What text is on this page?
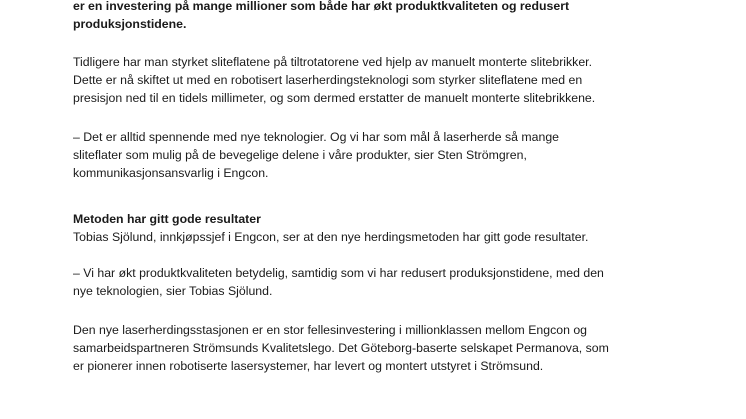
er en investering på mange millioner som både har økt produktkvaliteten og redusert
produksjonstidene.

Tidligere har man styrket sliteflatene på tiltrotatorene ved hjelp av manuelt monterte slitebrikker.
Dette er nå skiftet ut med en robotisert laserherdingsteknologi som styrker sliteflatene med en
presisjon ned til en tidels millimeter, og som dermed erstatter de manuelt monterte slitebrikkene.

– Det er alltid spennende med nye teknologier. Og vi har som mål å laserherde så mange
sliteflater som mulig på de bevegelige delene i våre produkter, sier Sten Strömgren,
kommunikasjonsansvarlig i Engcon.

Metoden har gitt gode resultater

Tobias Sjölund, innkjøpssjef i Engcon, ser at den nye herdingsmetoden har gitt gode resultater.

– Vi har økt produktkvaliteten betydelig, samtidig som vi har redusert produksjonstidene, med den
nye teknologien, sier Tobias Sjölund.

Den nye laserherdingsstasjonen er en stor fellesinvestering i millionklassen mellom Engcon og
samarbeidspartneren Strömsunds Kvalitetslego. Det Göteborg-baserte selskapet Permanova, som
er pionerer innen robotiserte lasersystemer, har levert og montert utstyret i Strömsund.
